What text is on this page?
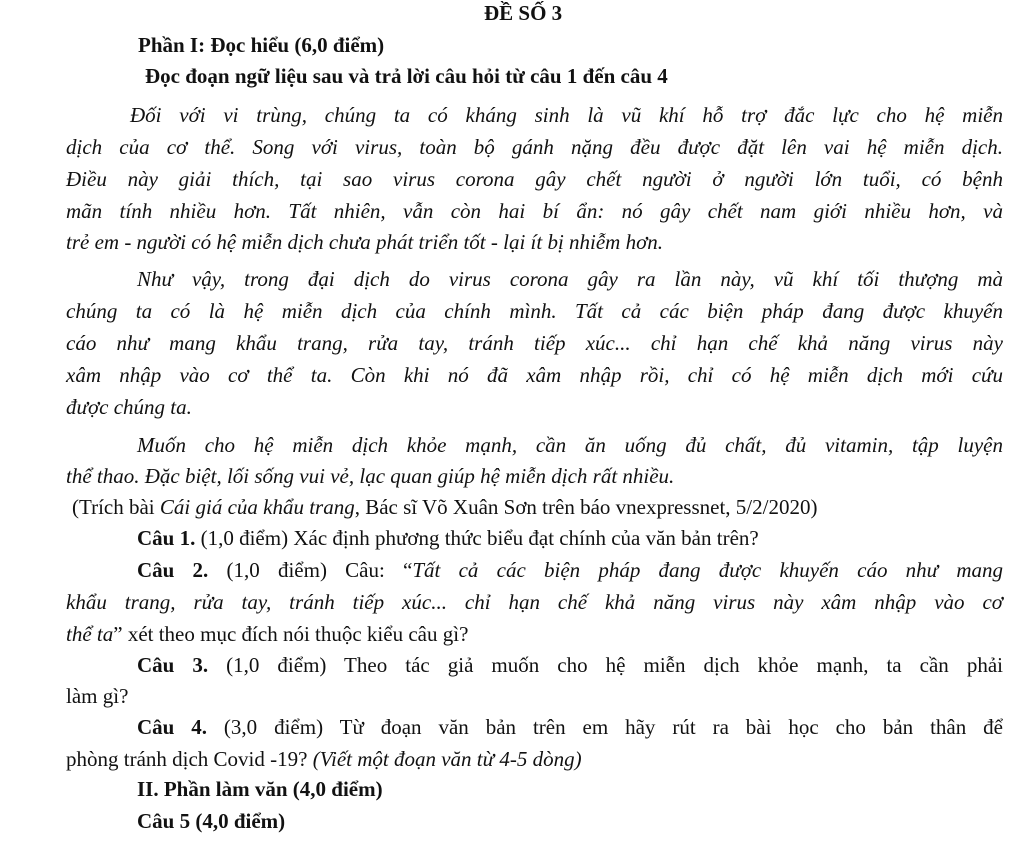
ĐỀ SỐ 3
Phần I: Đọc hiểu (6,0 điểm)
Đọc đoạn ngữ liệu sau và trả lời câu hỏi từ câu 1 đến câu 4
Đối với vi trùng, chúng ta có kháng sinh là vũ khí hỗ trợ đắc lực cho hệ miễn
dịch của cơ thể. Song với virus, toàn bộ gánh nặng đều được đặt lên vai hệ miễn dịch.
Điều này giải thích, tại sao virus corona gây chết người ở người lớn tuổi, có bệnh
mãn tính nhiều hơn. Tất nhiên, vẫn còn hai bí ẩn: nó gây chết nam giới nhiều hơn, và
trẻ em - người có hệ miễn dịch chưa phát triển tốt - lại ít bị nhiễm hơn.
Như vậy, trong đại dịch do virus corona gây ra lần này, vũ khí tối thượng mà
chúng ta có là hệ miễn dịch của chính mình. Tất cả các biện pháp đang được khuyến
cáo như mang khẩu trang, rửa tay, tránh tiếp xúc... chỉ hạn chế khả năng virus này
xâm nhập vào cơ thể ta. Còn khi nó đã xâm nhập rồi, chỉ có hệ miễn dịch mới cứu
được chúng ta.
Muốn cho hệ miễn dịch khỏe mạnh, cần ăn uống đủ chất, đủ vitamin, tập luyện
thể thao. Đặc biệt, lối sống vui vẻ, lạc quan giúp hệ miễn dịch rất nhiều.
(Trích bài Cái giá của khẩu trang, Bác sĩ Võ Xuân Sơn trên báo vnexpressnet, 5/2/2020)
Câu 1. (1,0 điểm) Xác định phương thức biểu đạt chính của văn bản trên?
Câu 2. (1,0 điểm) Câu: “Tất cả các biện pháp đang được khuyến cáo như mang
khẩu trang, rửa tay, tránh tiếp xúc... chỉ hạn chế khả năng virus này xâm nhập vào cơ
thể ta” xét theo mục đích nói thuộc kiểu câu gì?
Câu 3. (1,0 điểm) Theo tác giả muốn cho hệ miễn dịch khỏe mạnh, ta cần phải
làm gì?
Câu 4. (3,0 điểm) Từ đoạn văn bản trên em hãy rút ra bài học cho bản thân để
phòng tránh dịch Covid -19? (Viết một đoạn văn từ 4-5 dòng)
II. Phần làm văn (4,0 điểm)
Câu 5 (4,0 điểm)
